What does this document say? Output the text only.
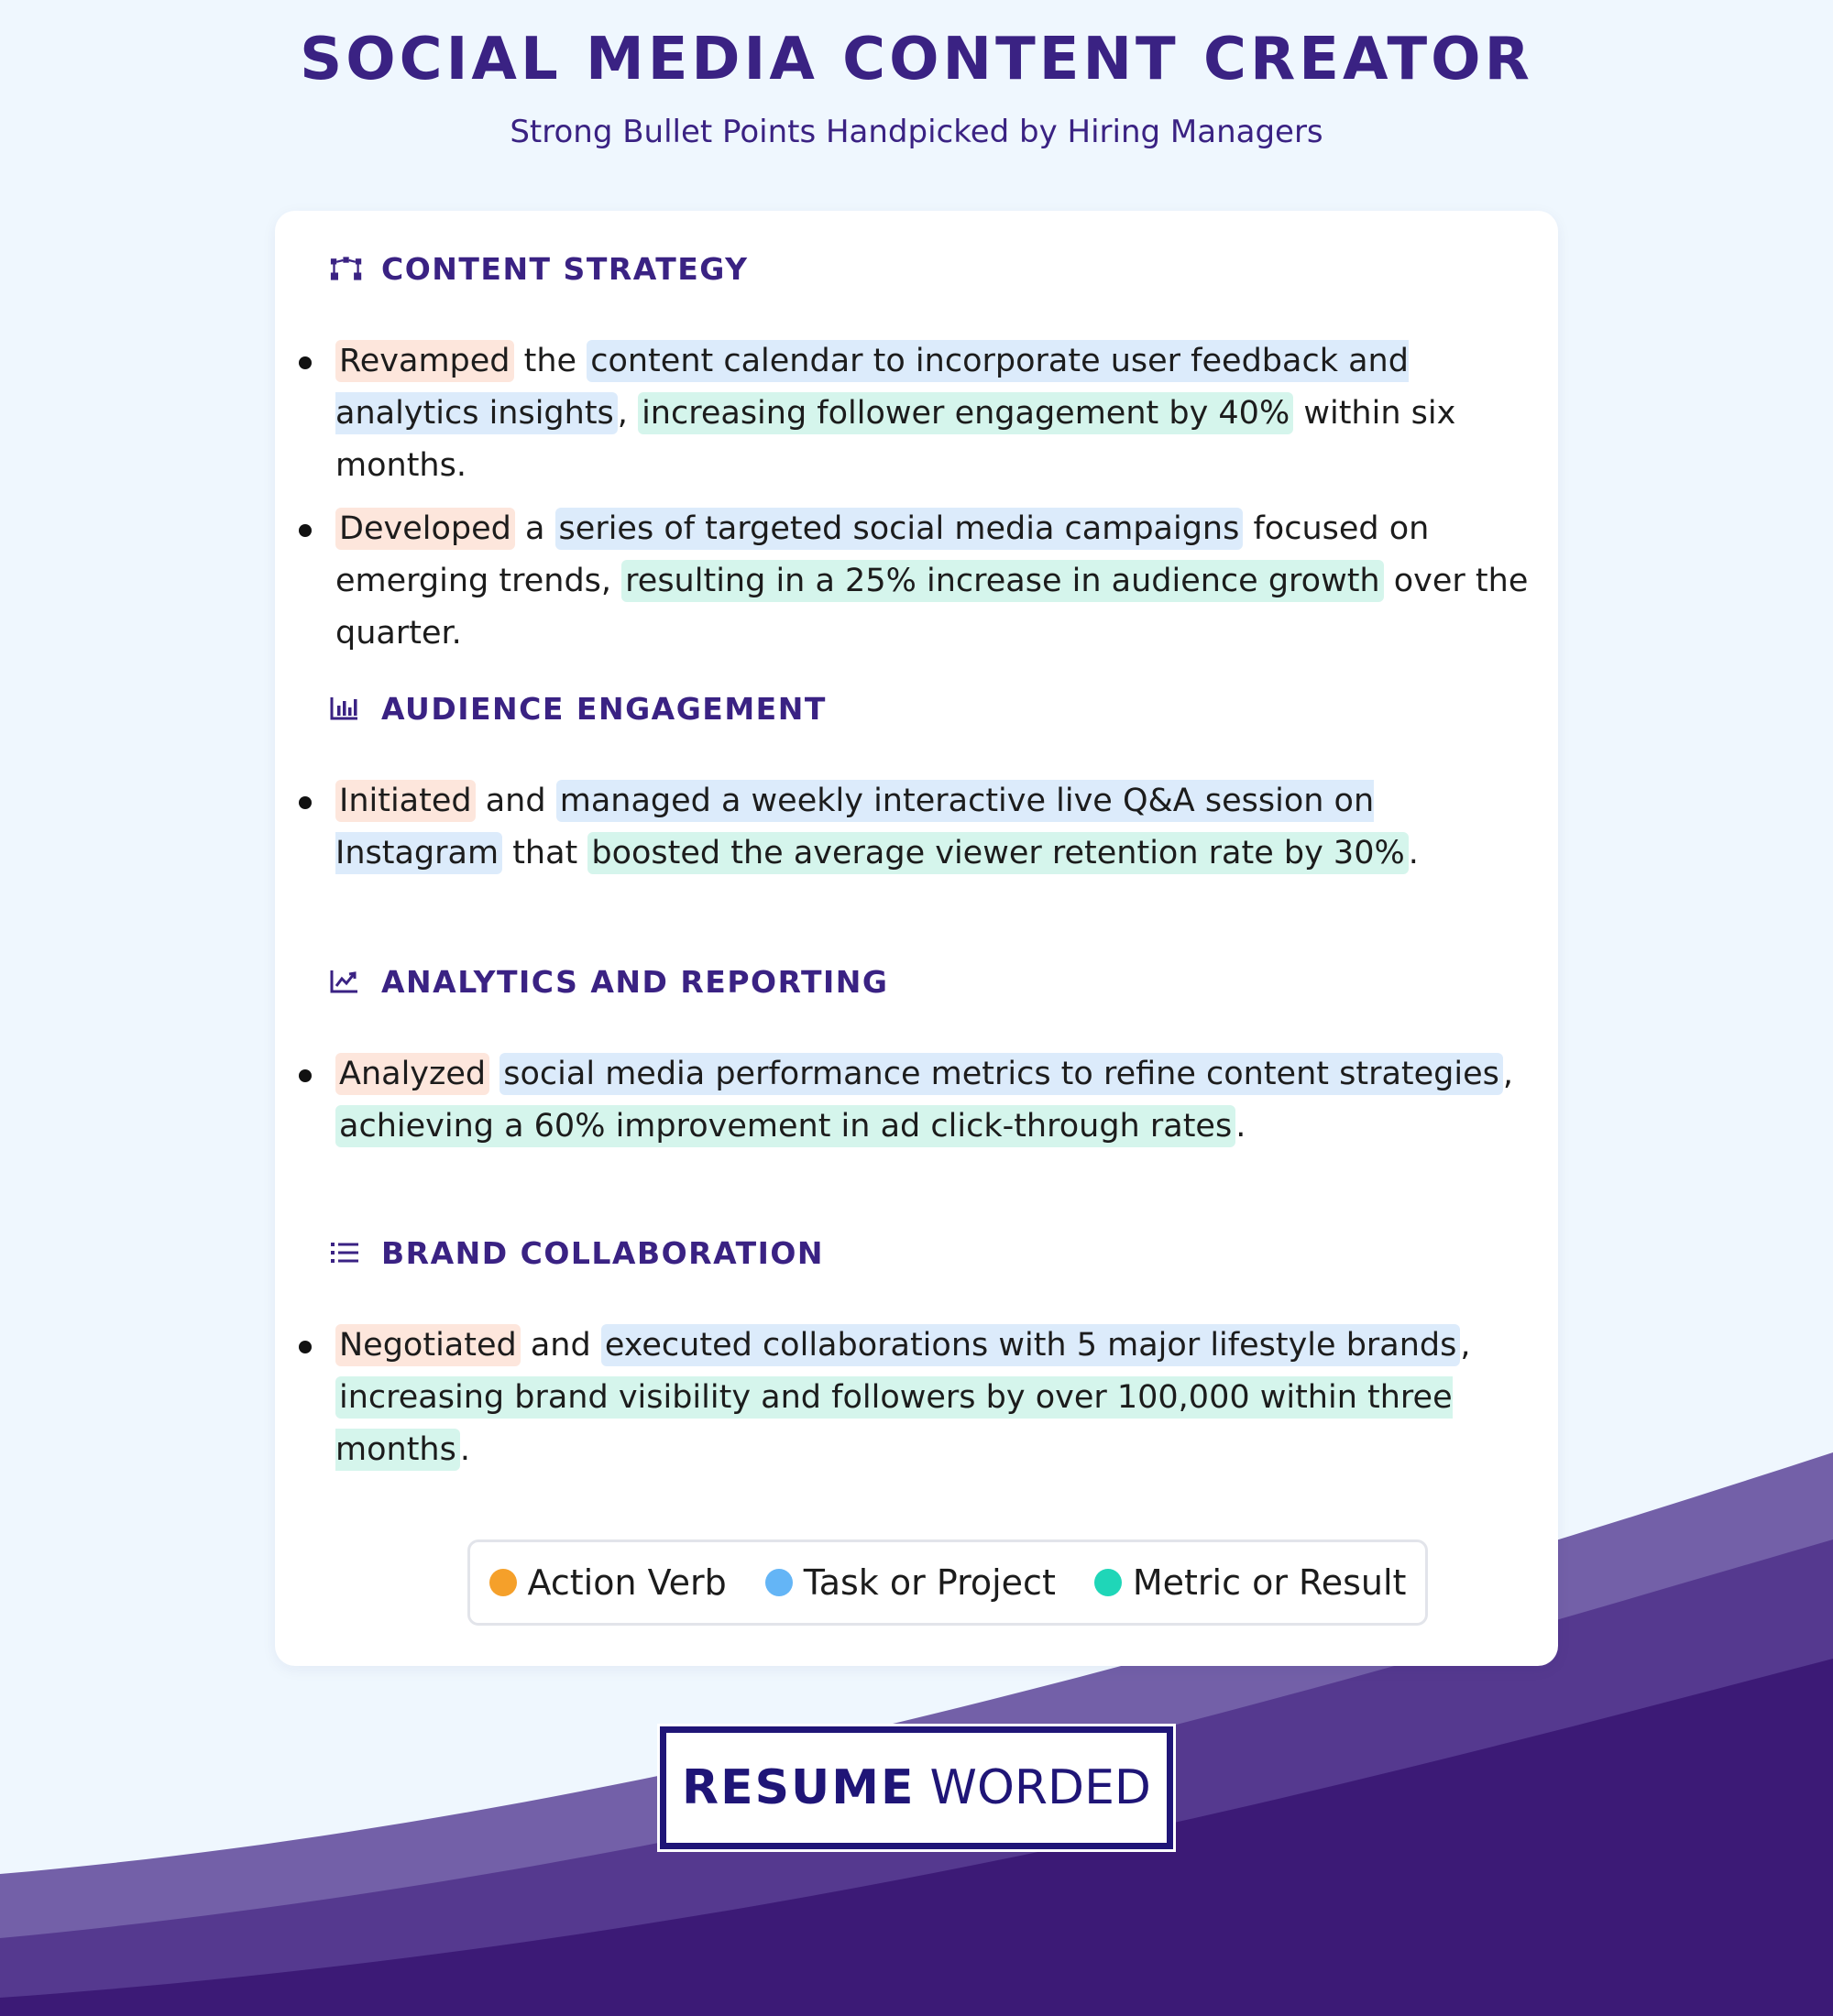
SOCIAL MEDIA CONTENT CREATOR
Strong Bullet Points Handpicked by Hiring Managers
CONTENT STRATEGY
Revamped the content calendar to incorporate user feedback and analytics insights , increasing follower engagement by 40% within six months.
Developed a series of targeted social media campaigns focused on emerging trends, resulting in a 25% increase in audience growth over the quarter.
AUDIENCE ENGAGEMENT
Initiated and managed a weekly interactive live Q&A session on Instagram that boosted the average viewer retention rate by 30% .
ANALYTICS AND REPORTING
Analyzed social media performance metrics to refine content strategies , achieving a 60% improvement in ad click-through rates .
BRAND COLLABORATION
Negotiated and executed collaborations with 5 major lifestyle brands , increasing brand visibility and followers by over 100,000 within three months .
Action Verb Task or Project Metric or Result
RESUME WORDED
